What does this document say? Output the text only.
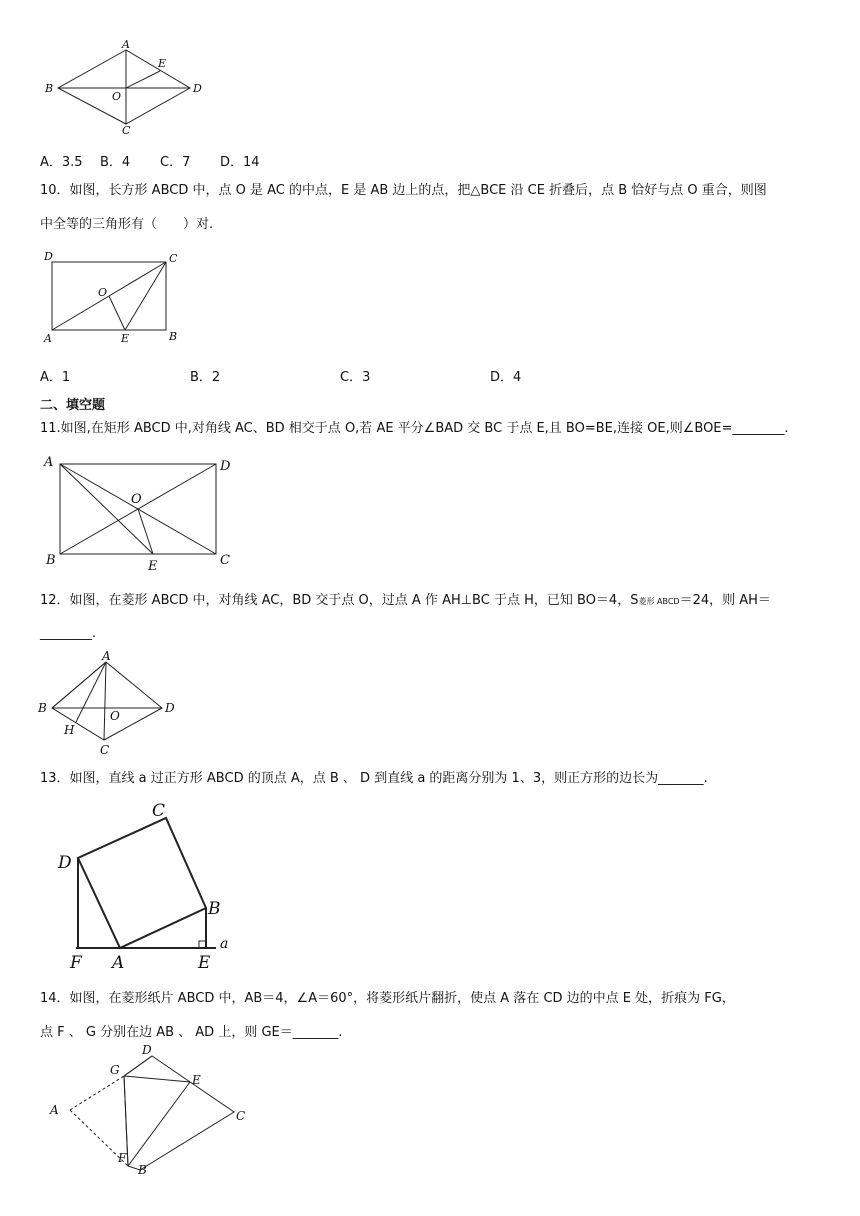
A
B
C
D
E
O
A．3.5 B．4 C．7 D．14
10．如图，长方形 ABCD 中，点 O 是 AC 的中点，E 是 AB 边上的点，把△BCE 沿 CE 折叠后，点 B 恰好与点 O 重合，则图
中全等的三角形有（　　）对.
D	C
A	B
E
O
A．1	B．2	C．3	D．4
二、填空题
11.如图,在矩形 ABCD 中,对角线 AC、BD 相交于点 O,若 AE 平分∠BAD 交 BC 于点 E,且 BO=BE,连接 OE,则∠BOE=________.
A	D
B	C
E
O
12．如图，在菱形 ABCD 中，对角线 AC，BD 交于点 O，过点 A 作 AH⊥BC 于点 H，已知 BO＝4，S菱形 ABCD＝24，则 AH＝
________.
A
B
C
D
H
O
13．如图，直线 a 过正方形 ABCD 的顶点 A，点 B 、 D 到直线 a 的距离分别为 1、3，则正方形的边长为_______.
C
D
B
A
F	E
a
14．如图，在菱形纸片 ABCD 中，AB＝4，∠A＝60°，将菱形纸片翻折，使点 A 落在 CD 边的中点 E 处，折痕为 FG，
点 F 、 G 分别在边 AB 、 AD 上，则 GE＝_______.
D
G
E
C
A
F
B
